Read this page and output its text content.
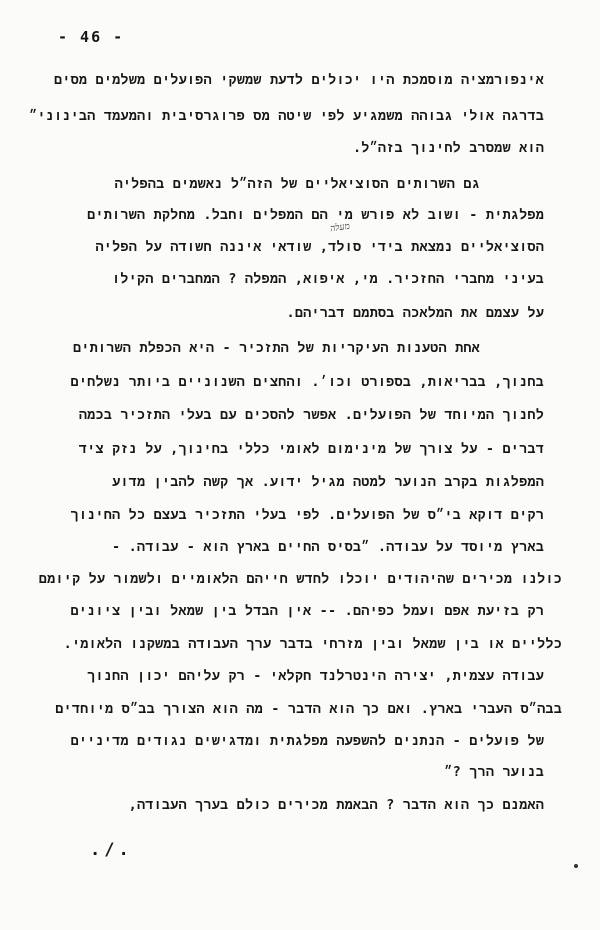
- 46 -
אינפורמציה מוסמכת היו יכולים לדעת שמשקי הפועלים משלמים מסים
בדרגה אולי גבוהה משמגיע לפי שיטה מס פרוגרסיבית והמעמד הבינוני״
הוא שמסרב לחינוך בזה״ל.
גם השרותים הסוציאליים של הזה״ל נאשמים בהפליה
מפלגתית - ושוב לא פורש מי הם המפלים וחבל. מחלקת השרותים
מעלה
הסוציאליים נמצאת בידי סולד, שודאי איננה חשודה על הפליה
בעיני מחברי החזכיר. מי, איפוא, המפלה ? המחברים הקילו
על עצמם את המלאכה בסתמם דבריהם.
אחת הטענות העיקריות של התזכיר - היא הכפלת השרותים
בחנוך, בבריאות, בספורט וכו׳. והחצים השנוניים ביותר נשלחים
לחנוך המיוחד של הפועלים. אפשר להסכים עם בעלי התזכיר בכמה
דברים - על צורך של מינימום לאומי כללי בחינוך, על נזק ציד
המפלגות בקרב הנוער למטה מגיל ידוע. אך קשה להבין מדוע
רקים דוקא בי״ס של הפועלים. לפי בעלי התזכיר בעצם כל החינוך
בארץ מיוסד על עבודה. ״בסיס החיים בארץ הוא - עבודה. -
כולנו מכירים שהיהודים יוכלו לחדש חייהם הלאומיים ולשמור על קיומם
רק בזיעת אפם ועמל כפיהם. -- אין הבדל בין שמאל ובין ציונים
כלליים או בין שמאל ובין מזרחי בדבר ערך העבודה במשקנו הלאומי.
עבודה עצמית, יצירה הינטרלנד חקלאי - רק עליהם יכון החנוך
בבה״ס העברי בארץ. ואם כך הוא הדבר - מה הוא הצורך בב״ס מיוחדים
של פועלים - הנתנים להשפעה מפלגתית ומדגישים נגודים מדיניים
בנוער הרך ?״
האמנם כך הוא הדבר ? הבאמת מכירים כולם בערך העבודה,
./.
